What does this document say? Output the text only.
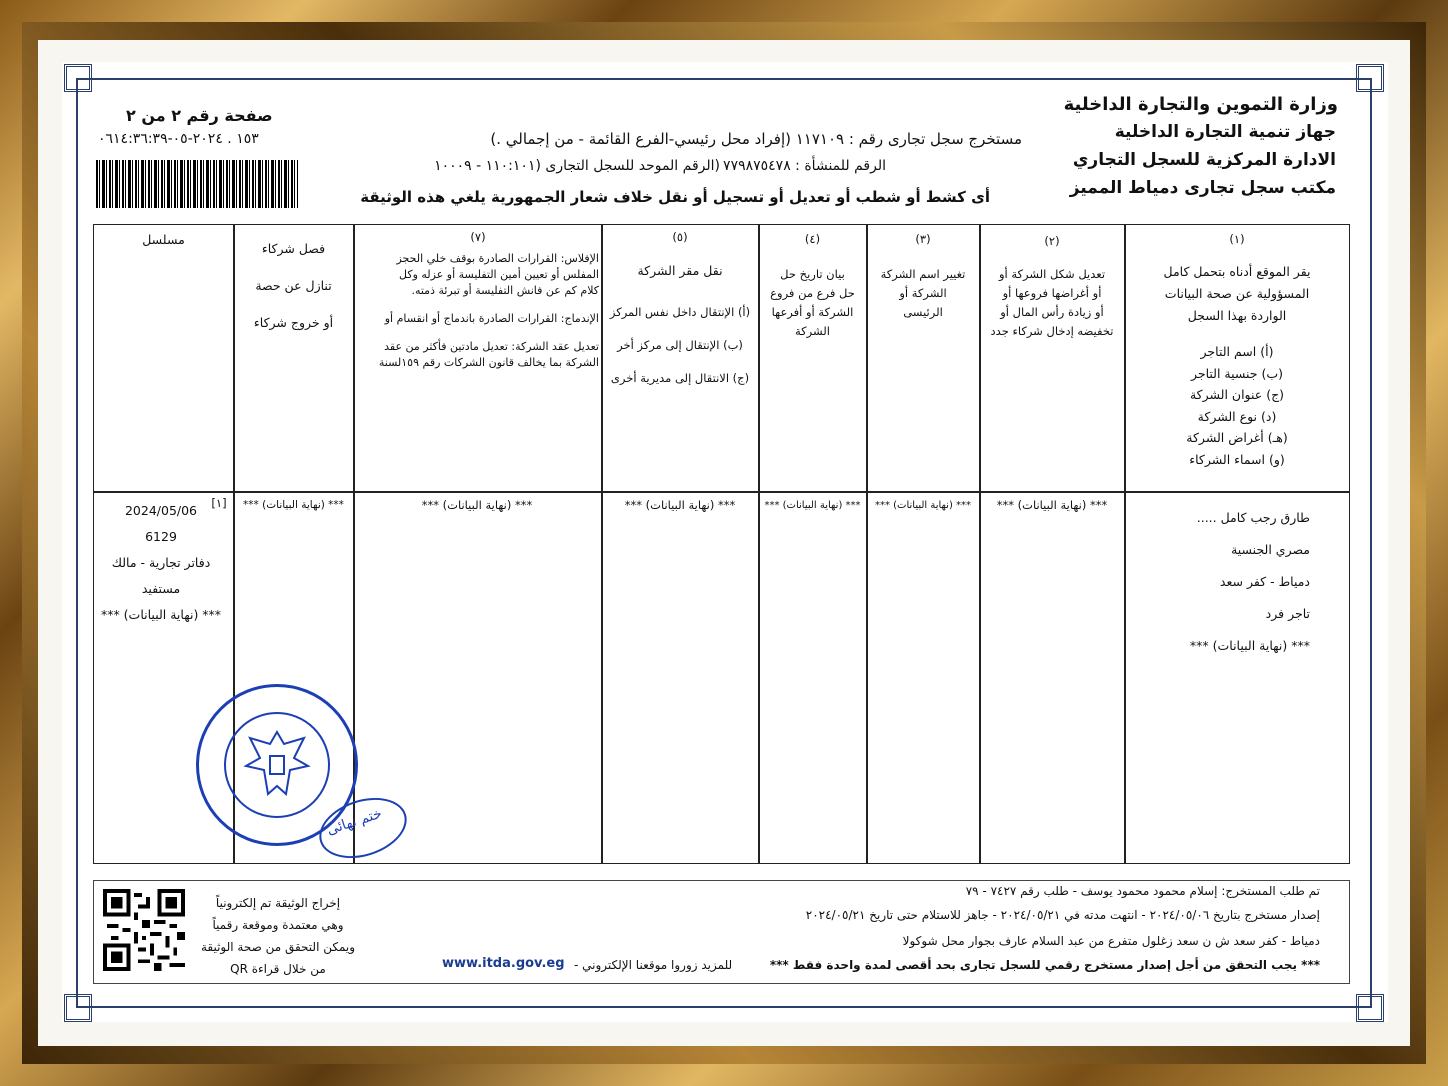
وزارة التموين والتجارة الداخلية
جهاز تنمية التجارة الداخلية
الادارة المركزية للسجل التجاري
مكتب سجل تجارى دمياط المميز
مستخرج سجل تجارى رقم : ١١٧١٠٩ (إفراد محل رئيسي-الفرع القائمة - من إجمالي .)
الرقم للمنشأة : ٧٧٩٨٧٥٤٧٨
(الرقم الموحد للسجل التجارى (١١٠:١٠١ - ١٠٠٠٩
أى كشط أو شطب أو تعديل أو تسجيل أو نقل خلاف شعار الجمهورية يلغي هذه الوثيقة
صفحة رقم ٢ من ٢
١٥٣ . ٢٠٢٤-٠٥-٠٦١٤:٣٦:٣٩
(١)
يقر الموقع أدناه بتحمل كامل
المسؤولية عن صحة البيانات
الواردة بهذا السجل
(أ) اسم التاجر
(ب) جنسية التاجر
(ج) عنوان الشركة
(د) نوع الشركة
(هـ) أغراض الشركة
(و) اسماء الشركاء
(٢)
تعديل شكل الشركة أو
أو أغراضها فروعها أو
أو زيادة رأس المال أو
تخفيضه إدخال شركاء جدد
(٣)
تغيير اسم الشركة
الشركة أو
الرئيسى
(٤)
بيان تاريخ حل
حل فرع من فروع
الشركة أو أفرعها
الشركة
(٥)
نقل مقر الشركة
(أ) الإنتقال داخل نفس المركز
(ب) الإنتقال إلى مركز أخر
(ج) الانتقال إلى مديرية أخرى
(٧)
الإفلاس: القرارات الصادرة بوقف خلي الحجز
المفلس أو تعيين أمين التفليسة أو عزله وكل
كلام كم عن فانش التفليسة أو تبرئة ذمته.
الإندماج: القرارات الصادرة باندماج أو انقسام أو
تعديل عقد الشركة: تعديل مادتين فأكثر من عقد
الشركة بما يخالف قانون الشركات رقم ١٥٩لسنة
فصل شركاء
تنازل عن حصة
أو خروج شركاء
مسلسل
طارق رجب كامل .....
مصري الجنسية
دمياط - كفر سعد
تاجر فرد
*** (نهاية البيانات) ***
*** (نهاية البيانات) ***
*** (نهاية البيانات) ***
*** (نهاية البيانات) ***
*** (نهاية البيانات) ***
*** (نهاية البيانات) ***
*** (نهاية البيانات) ***
[١]
2024/05/06
6129
دفاتر تجارية - مالك مستفيد
*** (نهاية البيانات) ***
ختم نهائى
تم طلب المستخرج: إسلام محمود محمود يوسف - طلب رقم ٧٤٢٧ - ٧٩
إصدار مستخرج بتاريخ ٢٠٢٤/٠٥/٠٦ - انتهت مدته في ٢٠٢٤/٠٥/٢١ - جاهز للاستلام حتى تاريخ ٢٠٢٤/٠٥/٢١
دمياط - كفر سعد ش ن سعد زغلول متفرع من عبد السلام عارف بجوار محل شوكولا
*** يجب التحقق من أجل إصدار مستخرج رقمي للسجل تجارى بحد أقصى لمدة واحدة فقط ***
للمزيد زوروا موقعنا الإلكتروني -
www.itda.gov.eg
إخراج الوثيقة تم إلكترونياً
وهي معتمدة وموقعة رقمياً
ويمكن التحقق من صحة الوثيقة
من خلال قراءة QR
